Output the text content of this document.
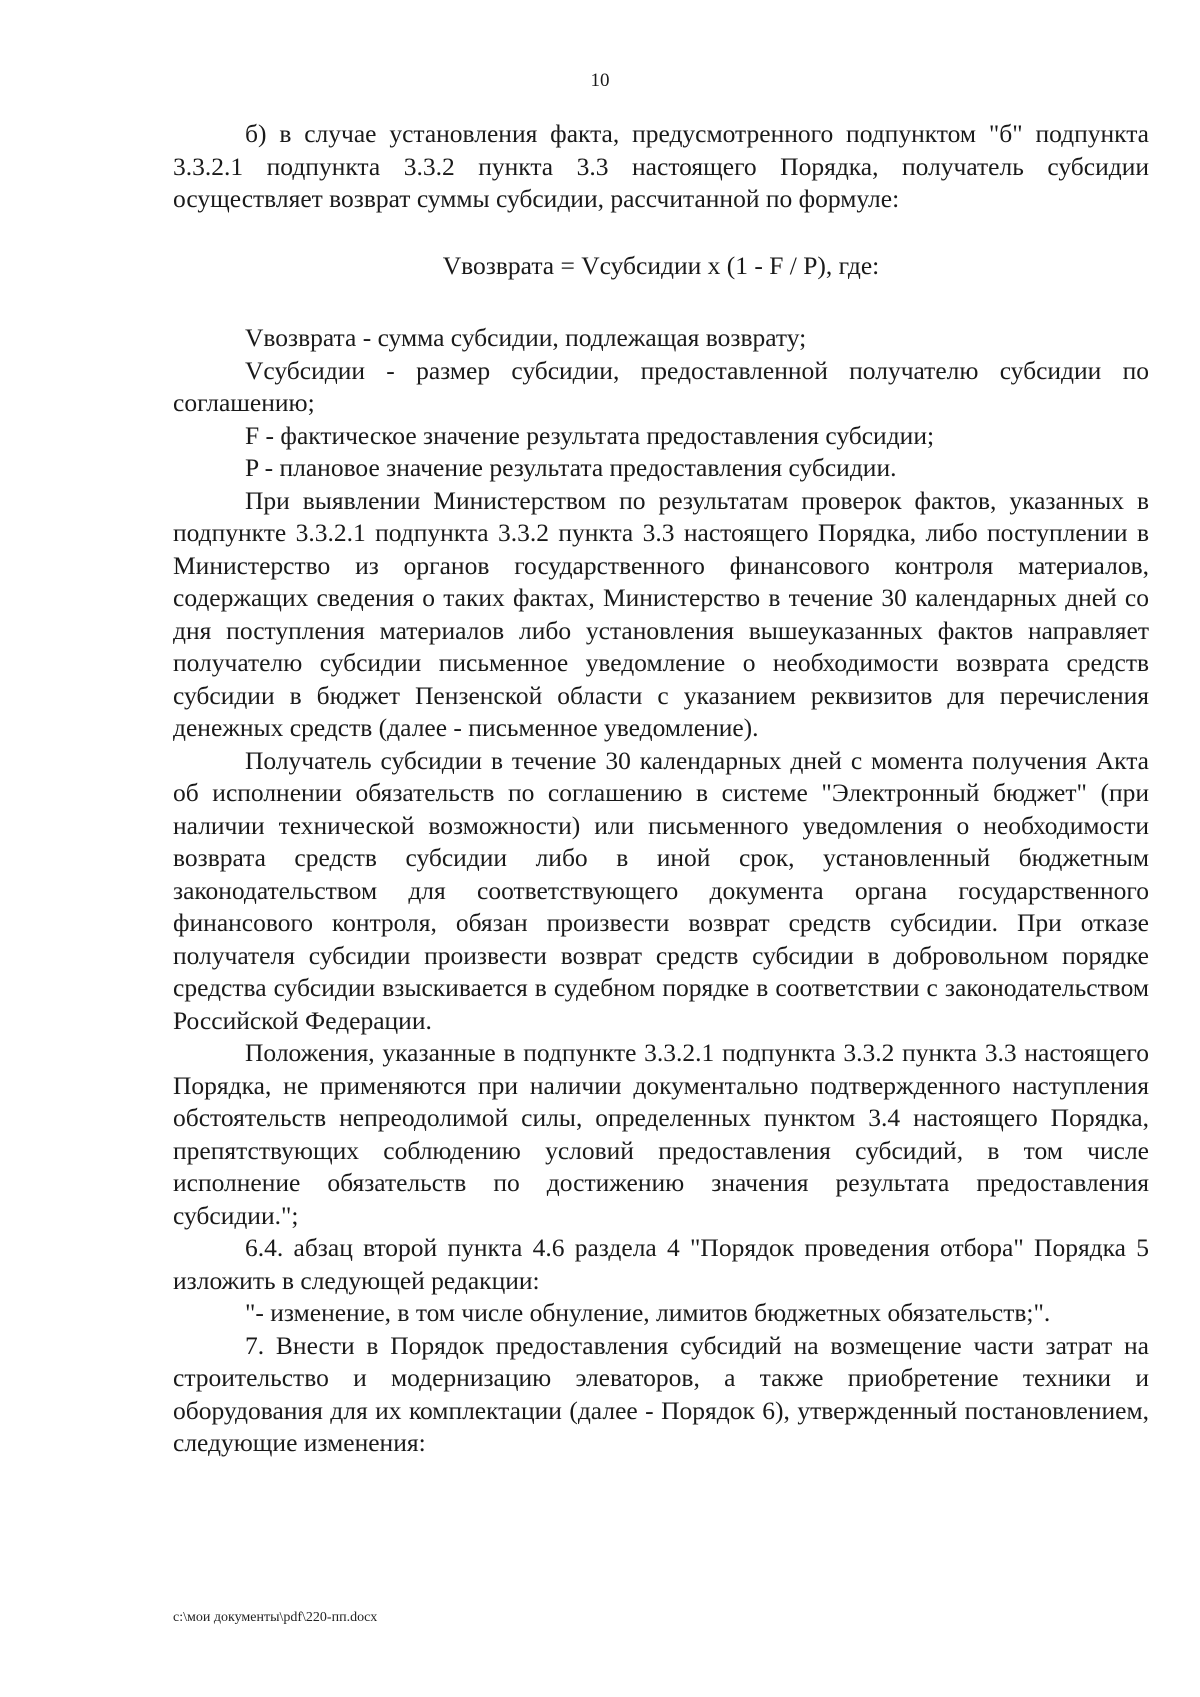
10

б) в случае установления факта, предусмотренного подпунктом "б" подпункта 3.3.2.1 подпункта 3.3.2 пункта 3.3 настоящего Порядка, получатель субсидии осуществляет возврат суммы субсидии, рассчитанной по формуле:

Vвозврата = Vсубсидии х (1 - F / P), где:

Vвозврата - сумма субсидии, подлежащая возврату;

Vсубсидии - размер субсидии, предоставленной получателю субсидии по соглашению;

F - фактическое значение результата предоставления субсидии;

P - плановое значение результата предоставления субсидии.

При выявлении Министерством по результатам проверок фактов, указанных в подпункте 3.3.2.1 подпункта 3.3.2 пункта 3.3 настоящего Порядка, либо поступлении в Министерство из органов государственного финансового контроля материалов, содержащих сведения о таких фактах, Министерство в течение 30 календарных дней со дня поступления материалов либо установления вышеуказанных фактов направляет получателю субсидии письменное уведомление о необходимости возврата средств субсидии в бюджет Пензенской области с указанием реквизитов для перечисления денежных средств (далее - письменное уведомление).

Получатель субсидии в течение 30 календарных дней с момента получения Акта об исполнении обязательств по соглашению в системе "Электронный бюджет" (при наличии технической возможности) или письменного уведомления о необходимости возврата средств субсидии либо в иной срок, установленный бюджетным законодательством для соответствующего документа органа государственного финансового контроля, обязан произвести возврат средств субсидии. При отказе получателя субсидии произвести возврат средств субсидии в добровольном порядке средства субсидии взыскивается в судебном порядке в соответствии с законодательством Российской Федерации.

Положения, указанные в подпункте 3.3.2.1 подпункта 3.3.2 пункта 3.3 настоящего Порядка, не применяются при наличии документально подтвержденного наступления обстоятельств непреодолимой силы, определенных пунктом 3.4 настоящего Порядка, препятствующих соблюдению условий предоставления субсидий, в том числе исполнение обязательств по достижению значения результата предоставления субсидии.";

6.4. абзац второй пункта 4.6 раздела 4 "Порядок проведения отбора" Порядка 5 изложить в следующей редакции:

"- изменение, в том числе обнуление, лимитов бюджетных обязательств;".

7. Внести в Порядок предоставления субсидий на возмещение части затрат на строительство и модернизацию элеваторов, а также приобретение техники и оборудования для их комплектации (далее - Порядок 6), утвержденный постановлением, следующие изменения:

c:\мои документы\pdf\220-пп.docx
